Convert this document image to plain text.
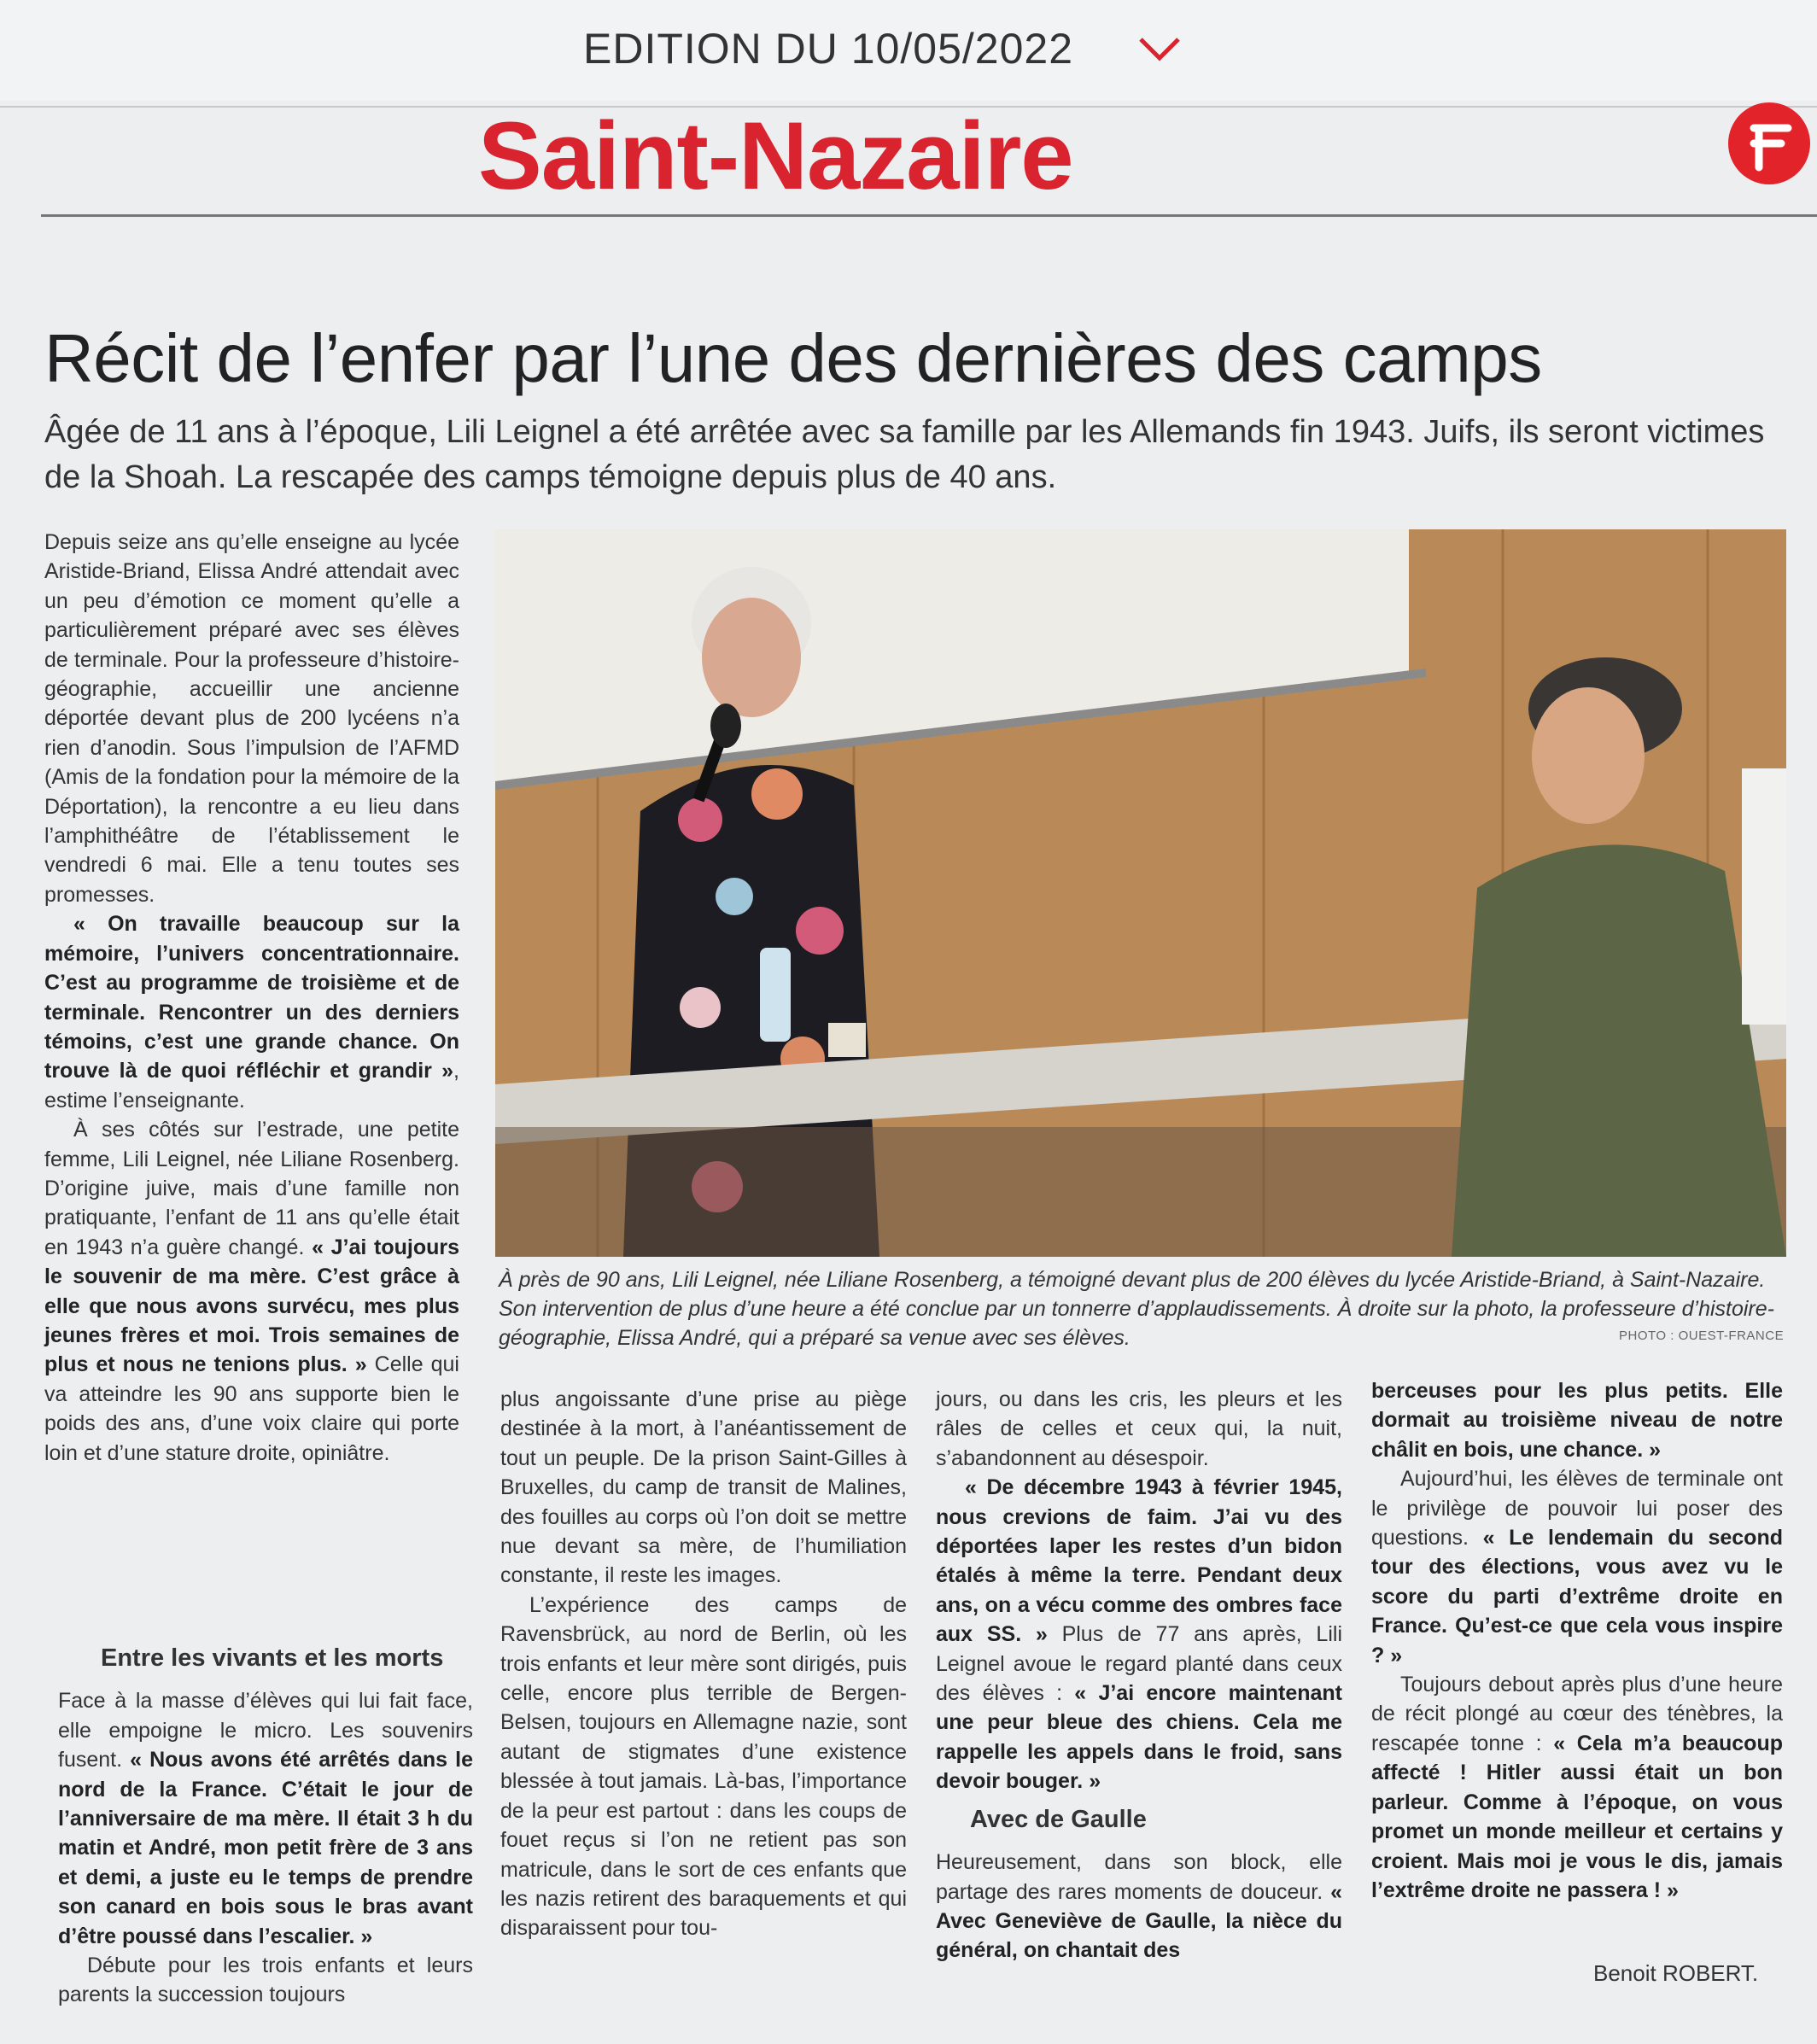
EDITION DU 10/05/2022
Saint-Nazaire
Récit de l’enfer par l’une des dernières des camps
Âgée de 11 ans à l’époque, Lili Leignel a été arrêtée avec sa famille par les Allemands fin 1943. Juifs, ils seront victimes de la Shoah. La rescapée des camps témoigne depuis plus de 40 ans.

Depuis seize ans qu’elle enseigne au lycée Aristide-Briand, Elissa André attendait avec un peu d’émotion ce moment qu’elle a particulièrement préparé avec ses élèves de terminale. Pour la professeure d’histoire-géographie, accueillir une ancienne déportée devant plus de 200 lycéens n’a rien d’anodin. Sous l’impulsion de l’AFMD (Amis de la fondation pour la mémoire de la Déportation), la rencontre a eu lieu dans l’amphithéâtre de l’établissement le vendredi 6 mai. Elle a tenu toutes ses promesses.

« On travaille beaucoup sur la mémoire, l’univers concentrationnaire. C’est au programme de troisième et de terminale. Rencontrer un des derniers témoins, c’est une grande chance. On trouve là de quoi réfléchir et grandir », estime l’enseignante.

À ses côtés sur l’estrade, une petite femme, Lili Leignel, née Liliane Rosenberg. D’origine juive, mais d’une famille non pratiquante, l’enfant de 11 ans qu’elle était en 1943 n’a guère changé. « J’ai toujours le souvenir de ma mère. C’est grâce à elle que nous avons survécu, mes plus jeunes frères et moi. Trois semaines de plus et nous ne tenions plus. » Celle qui va atteindre les 90 ans supporte bien le poids des ans, d’une voix claire qui porte loin et d’une stature droite, opiniâtre.

Entre les vivants et les morts

Face à la masse d’élèves qui lui fait face, elle empoigne le micro. Les souvenirs fusent. « Nous avons été arrêtés dans le nord de la France. C’était le jour de l’anniversaire de ma mère. Il était 3 h du matin et André, mon petit frère de 3 ans et demi, a juste eu le temps de prendre son canard en bois sous le bras avant d’être poussé dans l’escalier. »

Débute pour les trois enfants et leurs parents la succession toujours

À près de 90 ans, Lili Leignel, née Liliane Rosenberg, a témoigné devant plus de 200 élèves du lycée Aristide-Briand, à Saint-Nazaire. Son intervention de plus d’une heure a été conclue par un tonnerre d’applaudissements. À droite sur la photo, la professeure d’histoire-géographie, Elissa André, qui a préparé sa venue avec ses élèves.	PHOTO : OUEST-FRANCE

plus angoissante d’une prise au piège destinée à la mort, à l’anéantissement de tout un peuple. De la prison Saint-Gilles à Bruxelles, du camp de transit de Malines, des fouilles au corps où l’on doit se mettre nue devant sa mère, de l’humiliation constante, il reste les images.

L’expérience des camps de Ravensbrück, au nord de Berlin, où les trois enfants et leur mère sont dirigés, puis celle, encore plus terrible de Bergen-Belsen, toujours en Allemagne nazie, sont autant de stigmates d’une existence blessée à tout jamais. Là-bas, l’importance de la peur est partout : dans les coups de fouet reçus si l’on ne retient pas son matricule, dans le sort de ces enfants que les nazis retirent des baraquements et qui disparaissent pour tou-

jours, ou dans les cris, les pleurs et les râles de celles et ceux qui, la nuit, s’abandonnent au désespoir.

« De décembre 1943 à février 1945, nous crevions de faim. J’ai vu des déportées laper les restes d’un bidon étalés à même la terre. Pendant deux ans, on a vécu comme des ombres face aux SS. » Plus de 77 ans après, Lili Leignel avoue le regard planté dans ceux des élèves : « J’ai encore maintenant une peur bleue des chiens. Cela me rappelle les appels dans le froid, sans devoir bouger. »

Avec de Gaulle

Heureusement, dans son block, elle partage des rares moments de douceur. « Avec Geneviève de Gaulle, la nièce du général, on chantait des

berceuses pour les plus petits. Elle dormait au troisième niveau de notre châlit en bois, une chance. »

Aujourd’hui, les élèves de terminale ont le privilège de pouvoir lui poser des questions. « Le lendemain du second tour des élections, vous avez vu le score du parti d’extrême droite en France. Qu’est-ce que cela vous inspire ? »

Toujours debout après plus d’une heure de récit plongé au cœur des ténèbres, la rescapée tonne : « Cela m’a beaucoup affecté ! Hitler aussi était un bon parleur. Comme à l’époque, on vous promet un monde meilleur et certains y croient. Mais moi je vous le dis, jamais l’extrême droite ne passera ! »

Benoit ROBERT.
